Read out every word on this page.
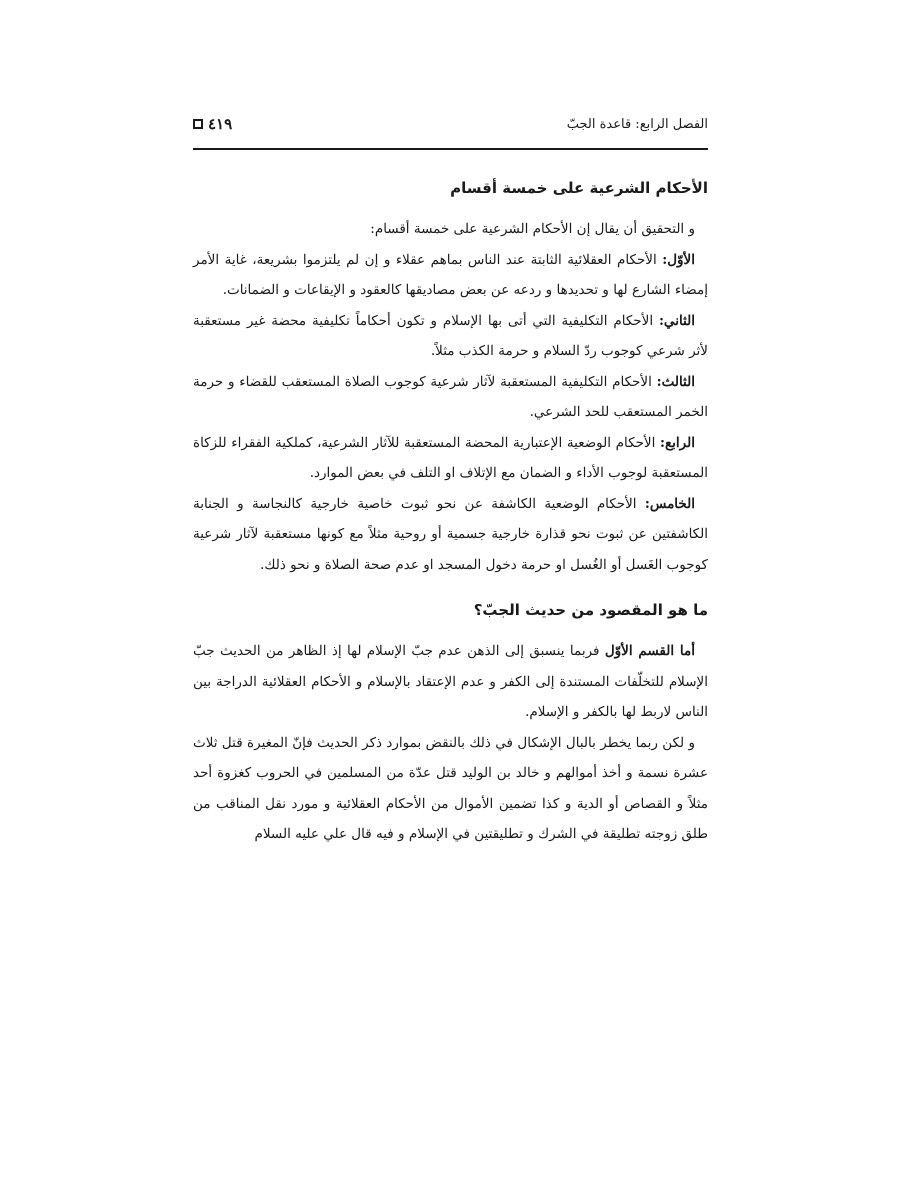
الفصل الرابع: قاعدة الجبّ
٤١٩
الأحكام الشرعية على خمسة أقسام

و التحقيق أن يقال إن الأحكام الشرعية على خمسة أقسام:

الأوّل: الأحكام العقلائية الثابتة عند الناس بماهم عقلاء و إن لم يلتزموا بشريعة، غاية الأمر إمضاء الشارع لها و تحديدها و ردعه عن بعض مصاديقها كالعقود و الإيقاعات و الضمانات.

الثاني: الأحكام التكليفية التي أتى بها الإسلام و تكون أحكاماً تكليفية محضة غير مستعقبة لأثر شرعي كوجوب ردّ السلام و حرمة الكذب مثلاً.

الثالث: الأحكام التكليفية المستعقبة لآثار شرعية كوجوب الصلاة المستعقب للقضاء و حرمة الخمر المستعقب للحد الشرعي.

الرابع: الأحكام الوضعية الإعتبارية المحضة المستعقبة للآثار الشرعية، كملكية الفقراء للزكاة المستعقبة لوجوب الأداء و الضمان مع الإتلاف او التلف في بعض الموارد.

الخامس: الأحكام الوضعية الكاشفة عن نحو ثبوت خاصية خارجية كالنجاسة و الجنابة الكاشفتين عن ثبوت نحو قذارة خارجية جسمية أو روحية مثلاً مع كونها مستعقبة لآثار شرعية كوجوب الغَسل أو الغُسل او حرمة دخول المسجد او عدم صحة الصلاة و نحو ذلك.

ما هو المقصود من حديث الجبّ؟

أما القسم الأوّل فربما ينسبق إلى الذهن عدم جبّ الإسلام لها إذ الظاهر من الحديث جبّ الإسلام للتخلّفات المستندة إلى الكفر و عدم الإعتقاد بالإسلام و الأحكام العقلائية الدراجة بين الناس لاربط لها بالكفر و الإسلام.

و لكن ربما يخطر بالبال الإشكال في ذلك بالنقض بموارد ذكر الحديث فإنّ المغيرة قتل ثلاث عشرة نسمة و أخذ أموالهم و خالد بن الوليد قتل عدّة من المسلمين في الحروب كغزوة أحد مثلاً و القصاص أو الدية و كذا تضمين الأموال من الأحكام العقلائية و مورد نقل المناقب من طلق زوجته تطليقة في الشرك و تطليقتين في الإسلام و فيه قال علي عليه السلام
